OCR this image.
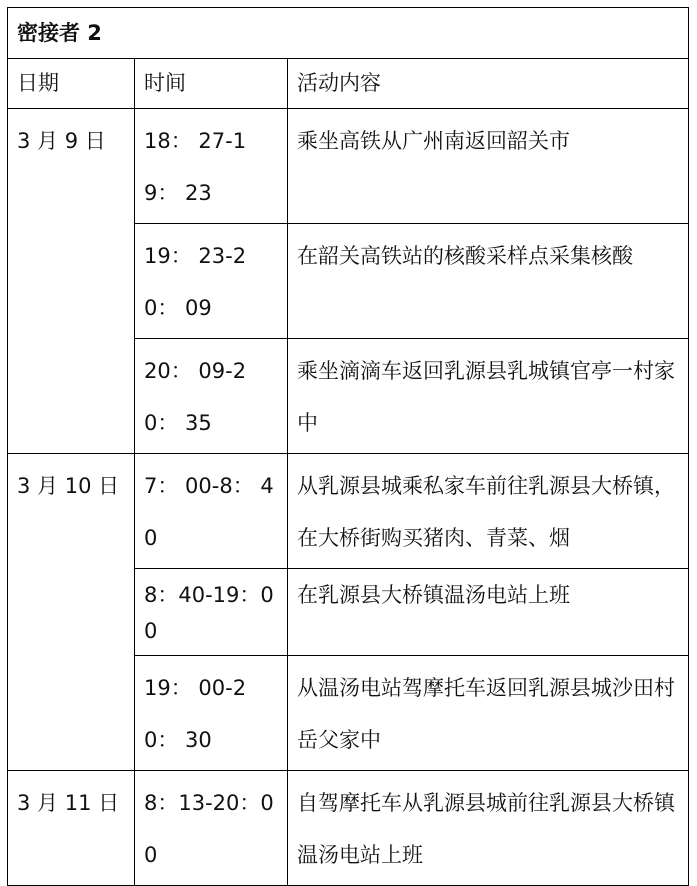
密接者 2		
日期	时间	活动内容
3 月 9 日	18： 27-19： 23	乘坐高铁从广州南返回韶关市
	19： 23-20： 09	在韶关高铁站的核酸采样点采集核酸
	20： 09-20： 35	乘坐滴滴车返回乳源县乳城镇官亭一村家中
3 月 10 日	7： 00-8： 40	从乳源县城乘私家车前往乳源县大桥镇，在大桥街购买猪肉、青菜、烟
	8：40-19：00	在乳源县大桥镇温汤电站上班
	19： 00-20： 30	从温汤电站驾摩托车返回乳源县城沙田村岳父家中
3 月 11 日	8：13-20：00	自驾摩托车从乳源县城前往乳源县大桥镇温汤电站上班
